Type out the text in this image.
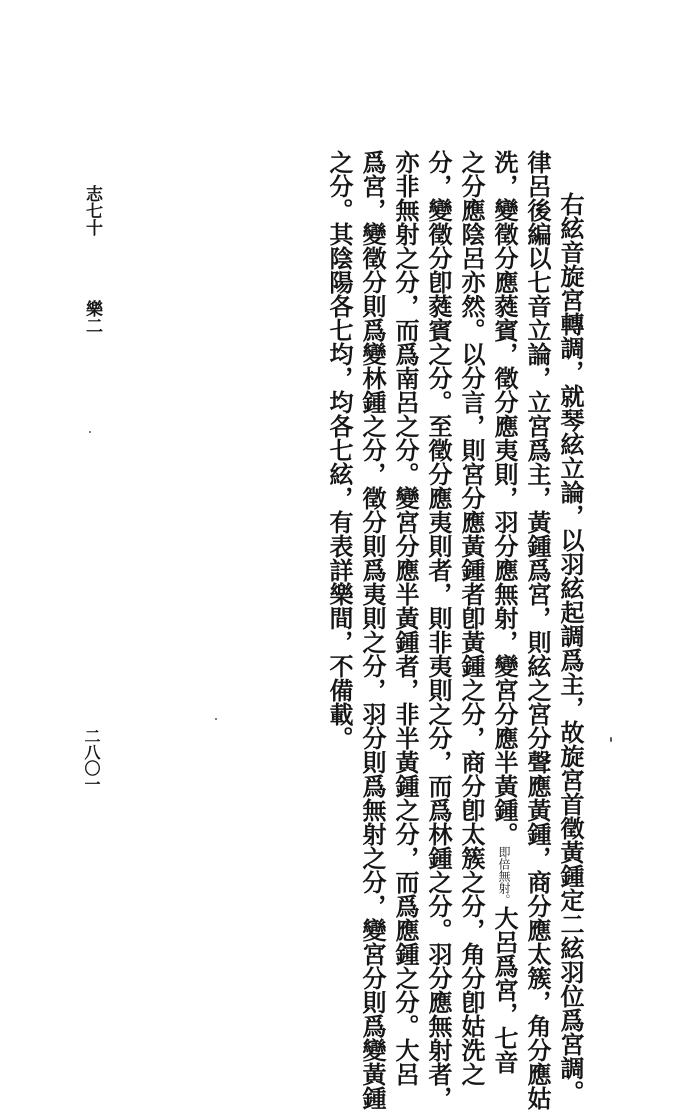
右絃音旋宮轉調，就琴絃立論，以羽絃起調爲主，故旋宮首徵黃鍾定二絃羽位爲宮調。
律呂後編以七音立論，立宮爲主，黃鍾爲宮，則絃之宮分聲應黃鍾，商分應太簇，角分應姑
洗，變徵分應蕤賓，徵分應夷則，羽分應無射，變宮分應半黃鍾。即倍無射。大呂爲宮，七音
之分應陰呂亦然。以分言，則宮分應黃鍾者卽黃鍾之分，商分卽太簇之分，角分卽姑洗之
分，變徵分卽蕤賓之分。至徵分應夷則者，則非夷則之分，而爲林鍾之分。羽分應無射者，
亦非無射之分，而爲南呂之分。變宮分應半黃鍾者，非半黃鍾之分，而爲應鍾之分。大呂
爲宮，變徵分則爲變林鍾之分，徵分則爲夷則之分，羽分則爲無射之分，變宮分則爲變黃鍾
之分。其陰陽各七均，均各七絃，有表詳樂間，不備載。
志七十
樂二
二八〇一
